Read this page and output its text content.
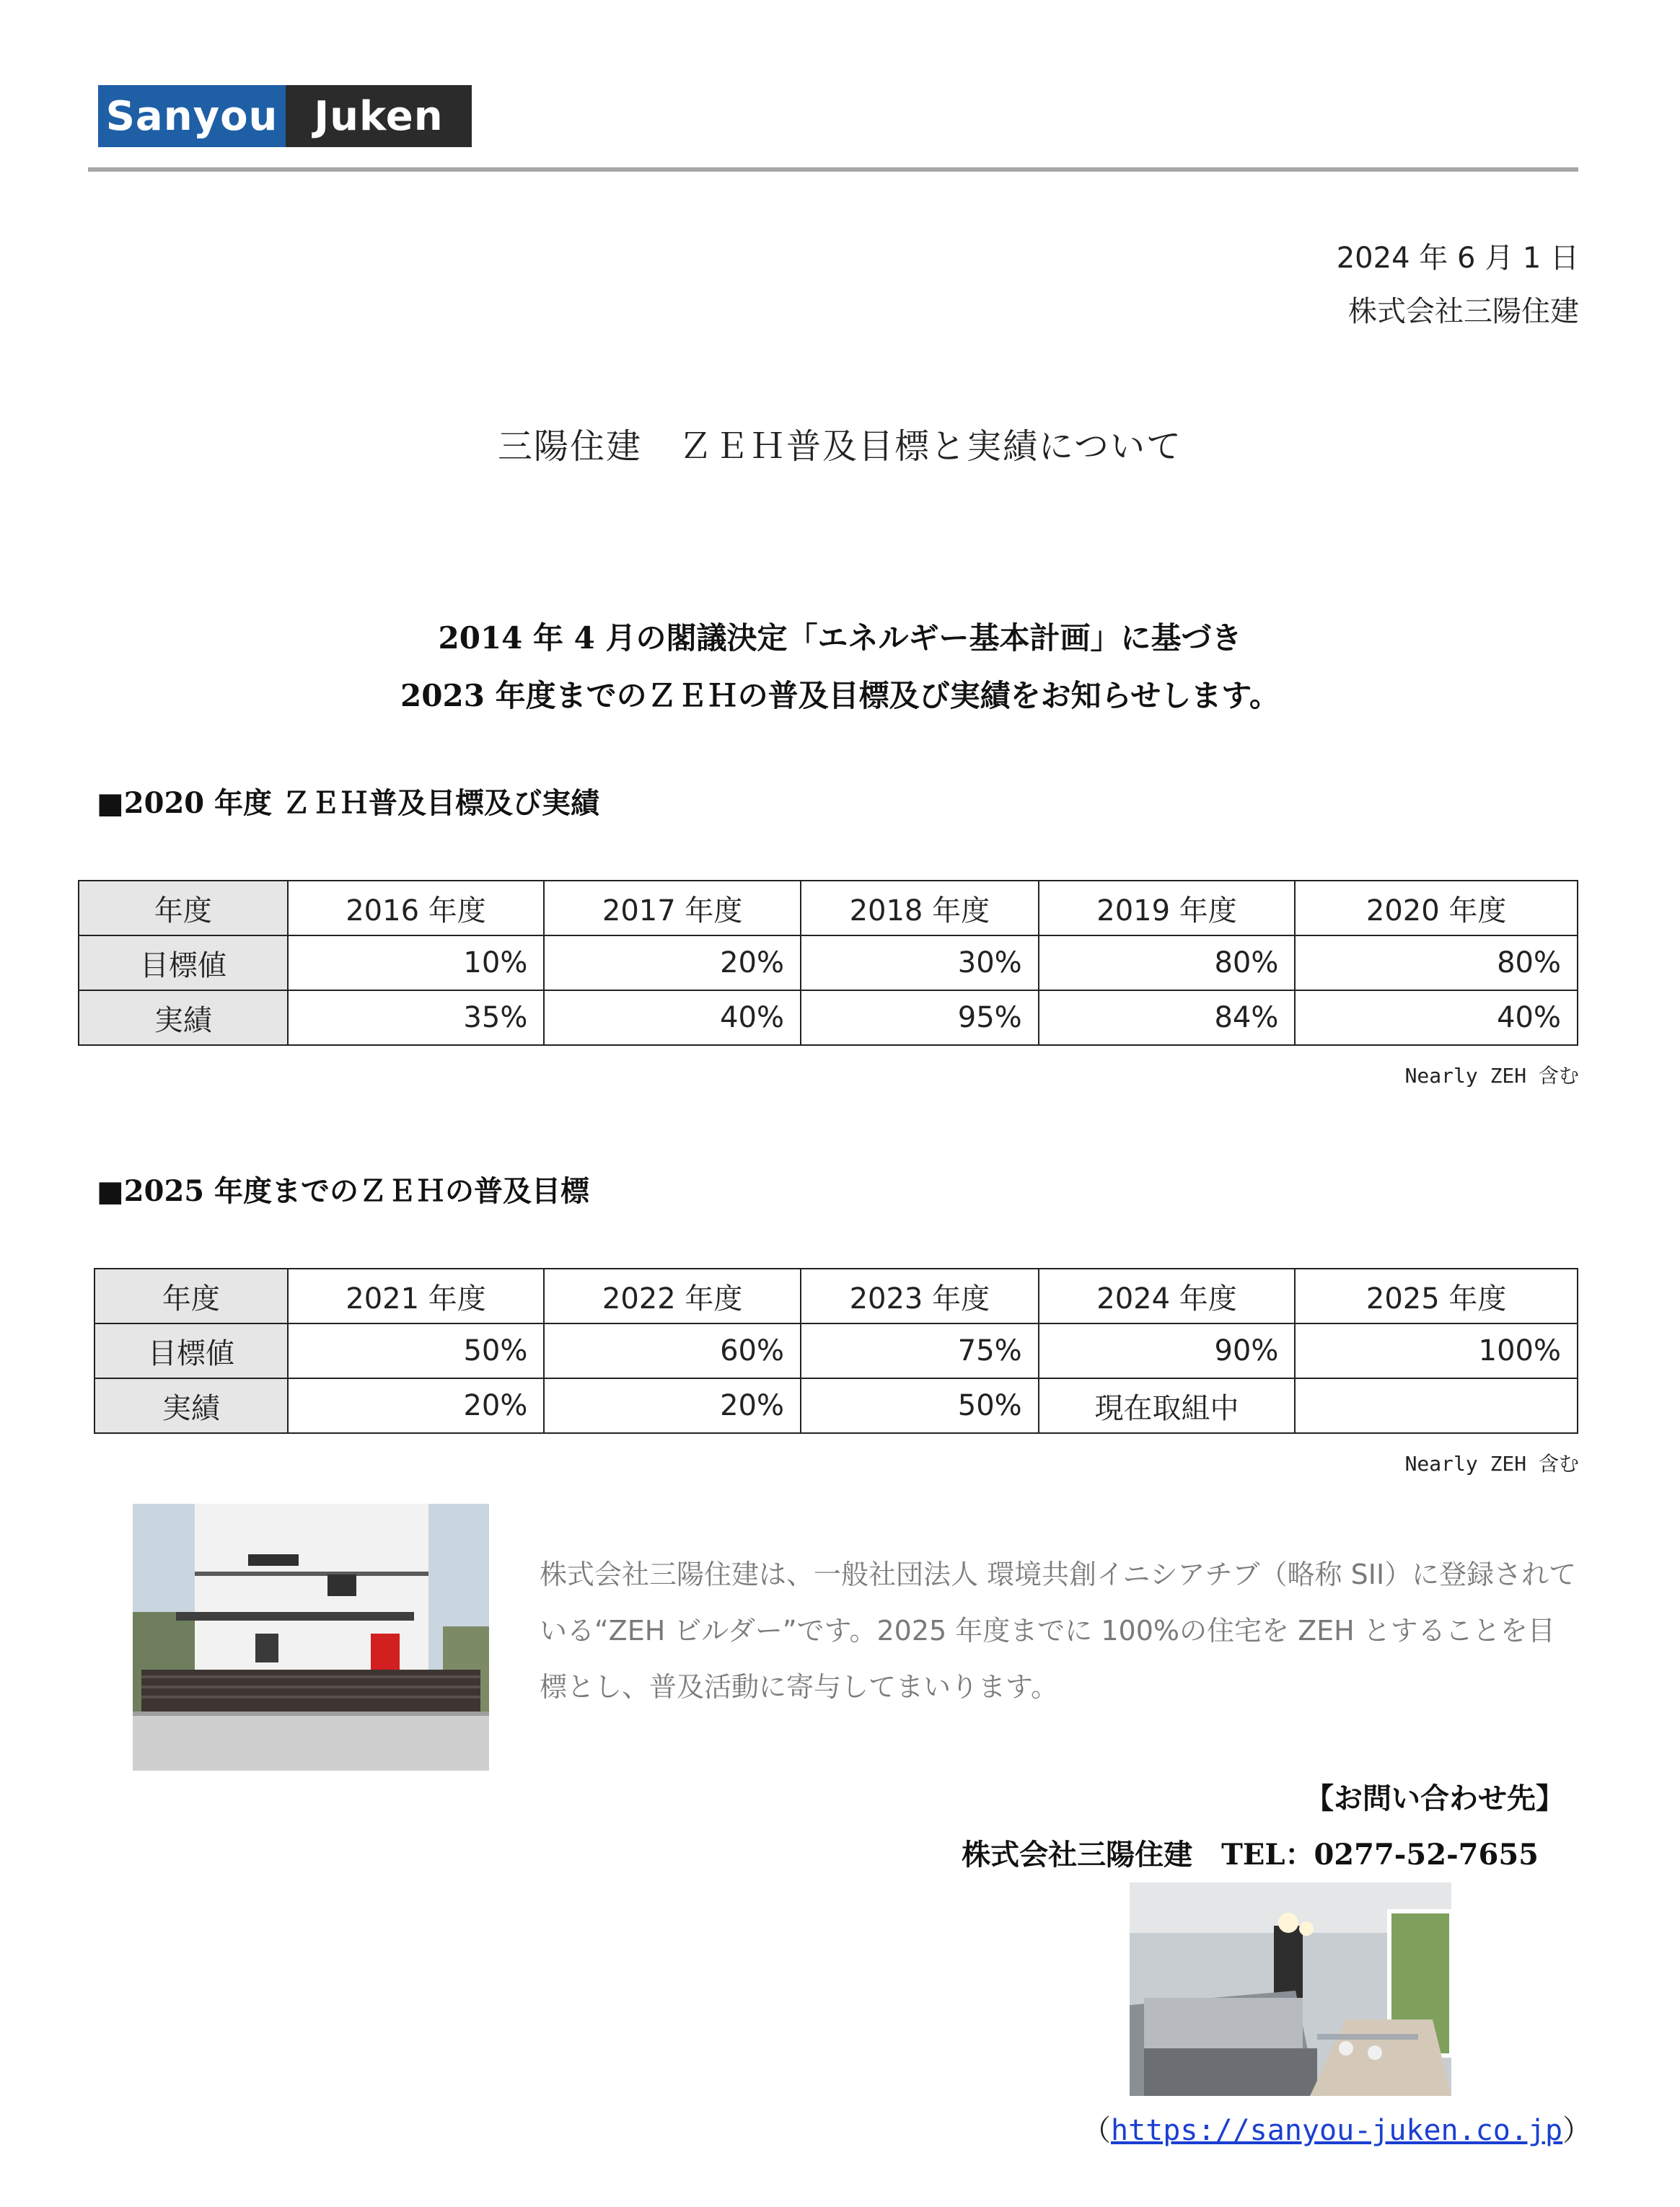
Sanyou Juken
2024 年 6 月 1 日
株式会社三陽住建
三陽住建　ＺＥＨ普及目標と実績について
2014 年 4 月の閣議決定「エネルギー基本計画」に基づき
2023 年度までのＺＥＨの普及目標及び実績をお知らせします。
■2020 年度 ＺＥＨ普及目標及び実績
年度	2016 年度	2017 年度	2018 年度	2019 年度	2020 年度
目標値	10%	20%	30%	80%	80%
実績	35%	40%	95%	84%	40%
Nearly ZEH 含む
■2025 年度までのＺＥＨの普及目標
年度	2021 年度	2022 年度	2023 年度	2024 年度	2025 年度
目標値	50%	60%	75%	90%	100%
実績	20%	20%	50%	現在取組中	
Nearly ZEH 含む
株式会社三陽住建は、一般社団法人 環境共創イニシアチブ（略称 SII）に登録されている“ZEH ビルダー”です。2025 年度までに 100%の住宅を ZEH とすることを目標とし、普及活動に寄与してまいります。
【お問い合わせ先】
株式会社三陽住建　TEL：0277-52-7655
（https://sanyou-juken.co.jp）
